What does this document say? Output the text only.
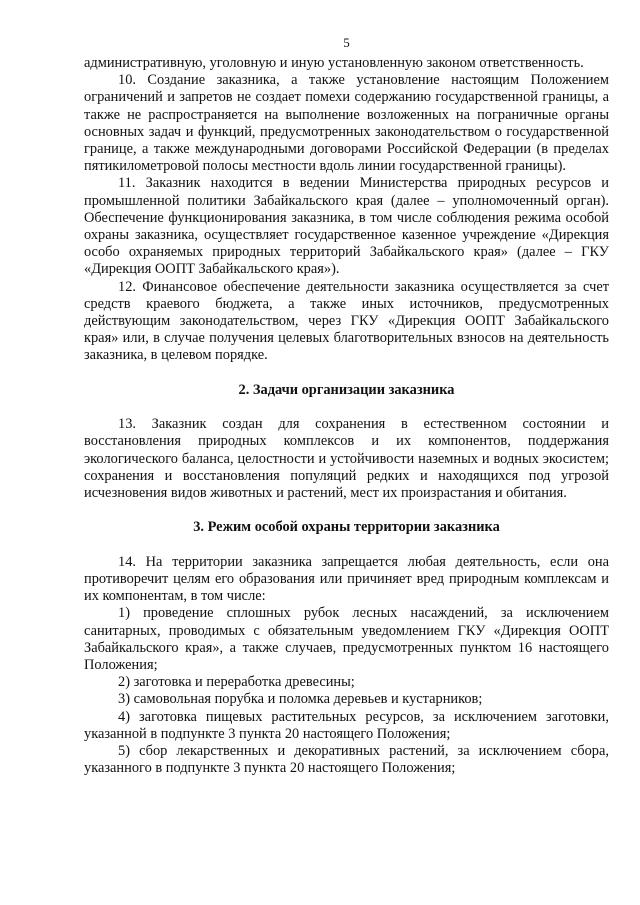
5

административную, уголовную и иную установленную законом ответственность.

10. Создание заказника, а также установление настоящим Положением ограничений и запретов не создает помехи содержанию государственной границы, а также не распространяется на выполнение возложенных на пограничные органы основных задач и функций, предусмотренных законодательством о государственной границе, а также международными договорами Российской Федерации (в пределах пятикилометровой полосы местности вдоль линии государственной границы).

11. Заказник находится в ведении Министерства природных ресурсов и промышленной политики Забайкальского края (далее – уполномоченный орган). Обеспечение функционирования заказника, в том числе соблюдения режима особой охраны заказника, осуществляет государственное казенное учреждение «Дирекция особо охраняемых природных территорий Забайкальского края» (далее – ГКУ «Дирекция ООПТ Забайкальского края»).

12. Финансовое обеспечение деятельности заказника осуществляется за счет средств краевого бюджета, а также иных источников, предусмотренных действующим законодательством, через ГКУ «Дирекция ООПТ Забайкальского края» или, в случае получения целевых благотворительных взносов на деятельность заказника, в целевом порядке.

2. Задачи организации заказника

13. Заказник создан для сохранения в естественном состоянии и восстановления природных комплексов и их компонентов, поддержания экологического баланса, целостности и устойчивости наземных и водных экосистем; сохранения и восстановления популяций редких и находящихся под угрозой исчезновения видов животных и растений, мест их произрастания и обитания.

3. Режим особой охраны территории заказника

14. На территории заказника запрещается любая деятельность, если она противоречит целям его образования или причиняет вред природным комплексам и их компонентам, в том числе:

1) проведение сплошных рубок лесных насаждений, за исключением санитарных, проводимых с обязательным уведомлением ГКУ «Дирекция ООПТ Забайкальского края», а также случаев, предусмотренных пунктом 16 настоящего Положения;

2) заготовка и переработка древесины;

3) самовольная порубка и поломка деревьев и кустарников;

4) заготовка пищевых растительных ресурсов, за исключением заготовки, указанной в подпункте 3 пункта 20 настоящего Положения;

5) сбор лекарственных и декоративных растений, за исключением сбора, указанного в подпункте 3 пункта 20 настоящего Положения;
